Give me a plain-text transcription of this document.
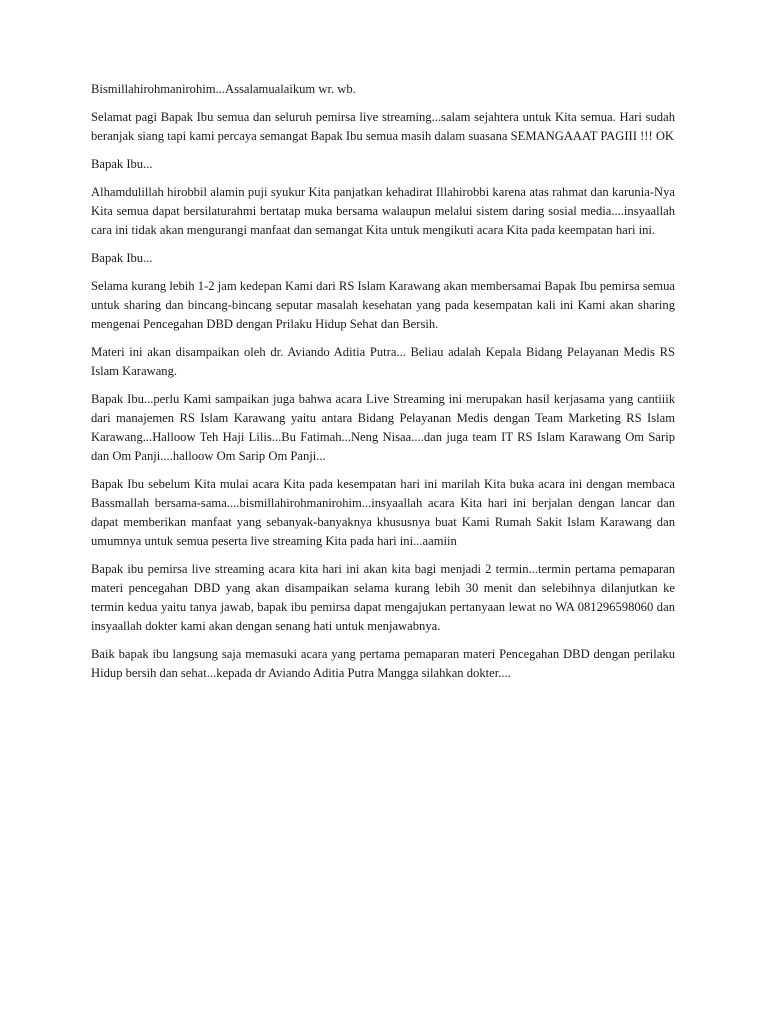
Bismillahirohmanirohim...Assalamualaikum wr. wb.

Selamat pagi Bapak Ibu semua dan seluruh pemirsa live streaming...salam sejahtera untuk Kita semua. Hari sudah beranjak siang tapi kami percaya semangat Bapak Ibu semua masih dalam suasana SEMANGAAAT PAGIII !!! OK

Bapak Ibu...

Alhamdulillah hirobbil alamin puji syukur Kita panjatkan kehadirat Illahirobbi karena atas rahmat dan karunia-Nya Kita semua dapat bersilaturahmi bertatap muka bersama walaupun melalui sistem daring sosial media....insyaallah cara ini tidak akan mengurangi manfaat dan semangat Kita untuk mengikuti acara Kita pada keempatan hari ini.

Bapak Ibu...

Selama kurang lebih 1-2 jam kedepan Kami dari RS Islam Karawang akan membersamai Bapak Ibu pemirsa semua untuk sharing dan bincang-bincang seputar masalah kesehatan yang pada kesempatan kali ini Kami akan sharing mengenai Pencegahan DBD dengan Prilaku Hidup Sehat dan Bersih.

Materi ini akan disampaikan oleh dr. Aviando Aditia Putra... Beliau adalah Kepala Bidang Pelayanan Medis RS Islam Karawang.

Bapak Ibu...perlu Kami sampaikan juga bahwa acara Live Streaming ini merupakan hasil kerjasama yang cantiiik dari manajemen RS Islam Karawang yaitu antara Bidang Pelayanan Medis dengan Team Marketing RS Islam Karawang...Halloow Teh Haji Lilis...Bu Fatimah...Neng Nisaa....dan juga team IT RS Islam Karawang Om Sarip dan Om Panji....halloow Om Sarip Om Panji...

Bapak Ibu sebelum Kita mulai acara Kita pada kesempatan hari ini marilah Kita buka acara ini dengan membaca Bassmallah bersama-sama....bismillahirohmanirohim...insyaallah acara Kita hari ini berjalan dengan lancar dan dapat memberikan manfaat yang sebanyak-banyaknya khususnya buat Kami Rumah Sakit Islam Karawang dan umumnya untuk semua peserta live streaming Kita pada hari ini...aamiin

Bapak ibu pemirsa live streaming acara kita hari ini akan kita bagi menjadi 2 termin...termin pertama pemaparan materi pencegahan DBD yang akan disampaikan selama kurang lebih 30 menit dan selebihnya dilanjutkan ke termin kedua yaitu tanya jawab, bapak ibu pemirsa dapat mengajukan pertanyaan lewat no WA 081296598060 dan insyaallah dokter kami akan dengan senang hati untuk menjawabnya.

Baik bapak ibu langsung saja memasuki acara yang pertama pemaparan materi Pencegahan DBD dengan perilaku Hidup bersih dan sehat...kepada dr Aviando Aditia Putra Mangga silahkan dokter....
